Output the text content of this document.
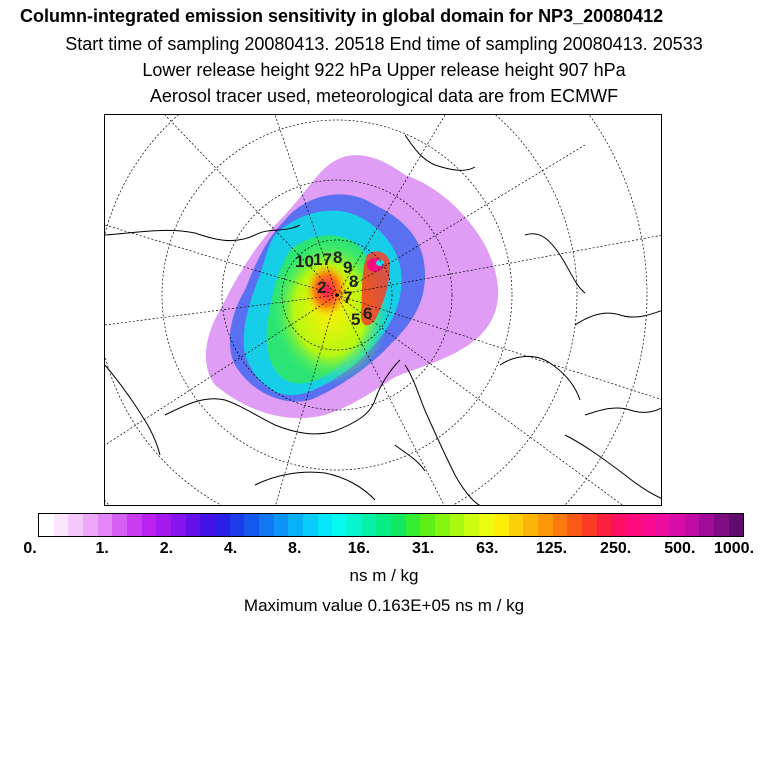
Column-integrated emission sensitivity in global domain for NP3_20080412
Start time of sampling 20080413. 20518 End time of sampling 20080413. 20533
Lower release height 922 hPa Upper release height 907 hPa
Aerosol tracer used, meteorological data are from ECMWF
10 17 8
9
8
7
5 6
2
0.	1.	2.	4.	8.	16.	31.	63. 125. 250. 500. 1000.
ns m / kg
Maximum value 0.163E+05 ns m / kg
